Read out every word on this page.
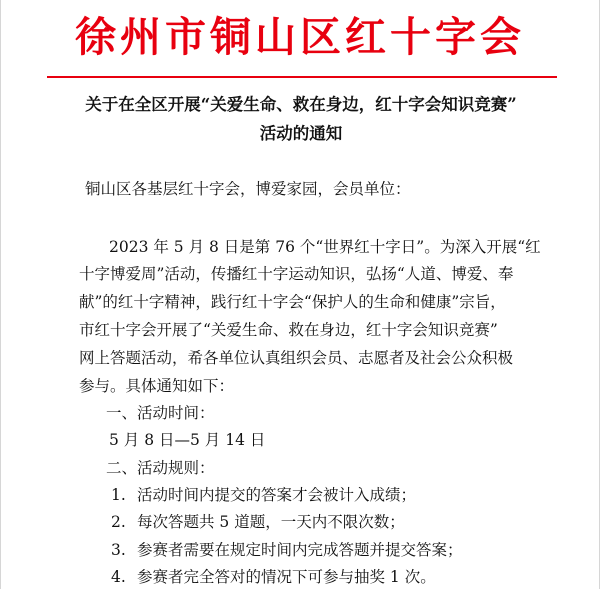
徐州市铜山区红十字会

关于在全区开展“关爱生命、救在身边，红十字会知识竞赛”

活动的通知

铜山区各基层红十字会，博爱家园，会员单位：

2023 年 5 月 8 日是第 76 个“世界红十字日”。为深入开展“红

十字博爱周”活动，传播红十字运动知识，弘扬“人道、博爱、奉

献”的红十字精神，践行红十字会“保护人的生命和健康”宗旨，

市红十字会开展了“关爱生命、救在身边，红十字会知识竞赛”

网上答题活动，希各单位认真组织会员、志愿者及社会公众积极

参与。具体通知如下：

一、活动时间：

5 月 8 日—5 月 14 日

二、活动规则：

1. 活动时间内提交的答案才会被计入成绩；

2. 每次答题共 5 道题，一天内不限次数；

3. 参赛者需要在规定时间内完成答题并提交答案；

4. 参赛者完全答对的情况下可参与抽奖 1 次。
